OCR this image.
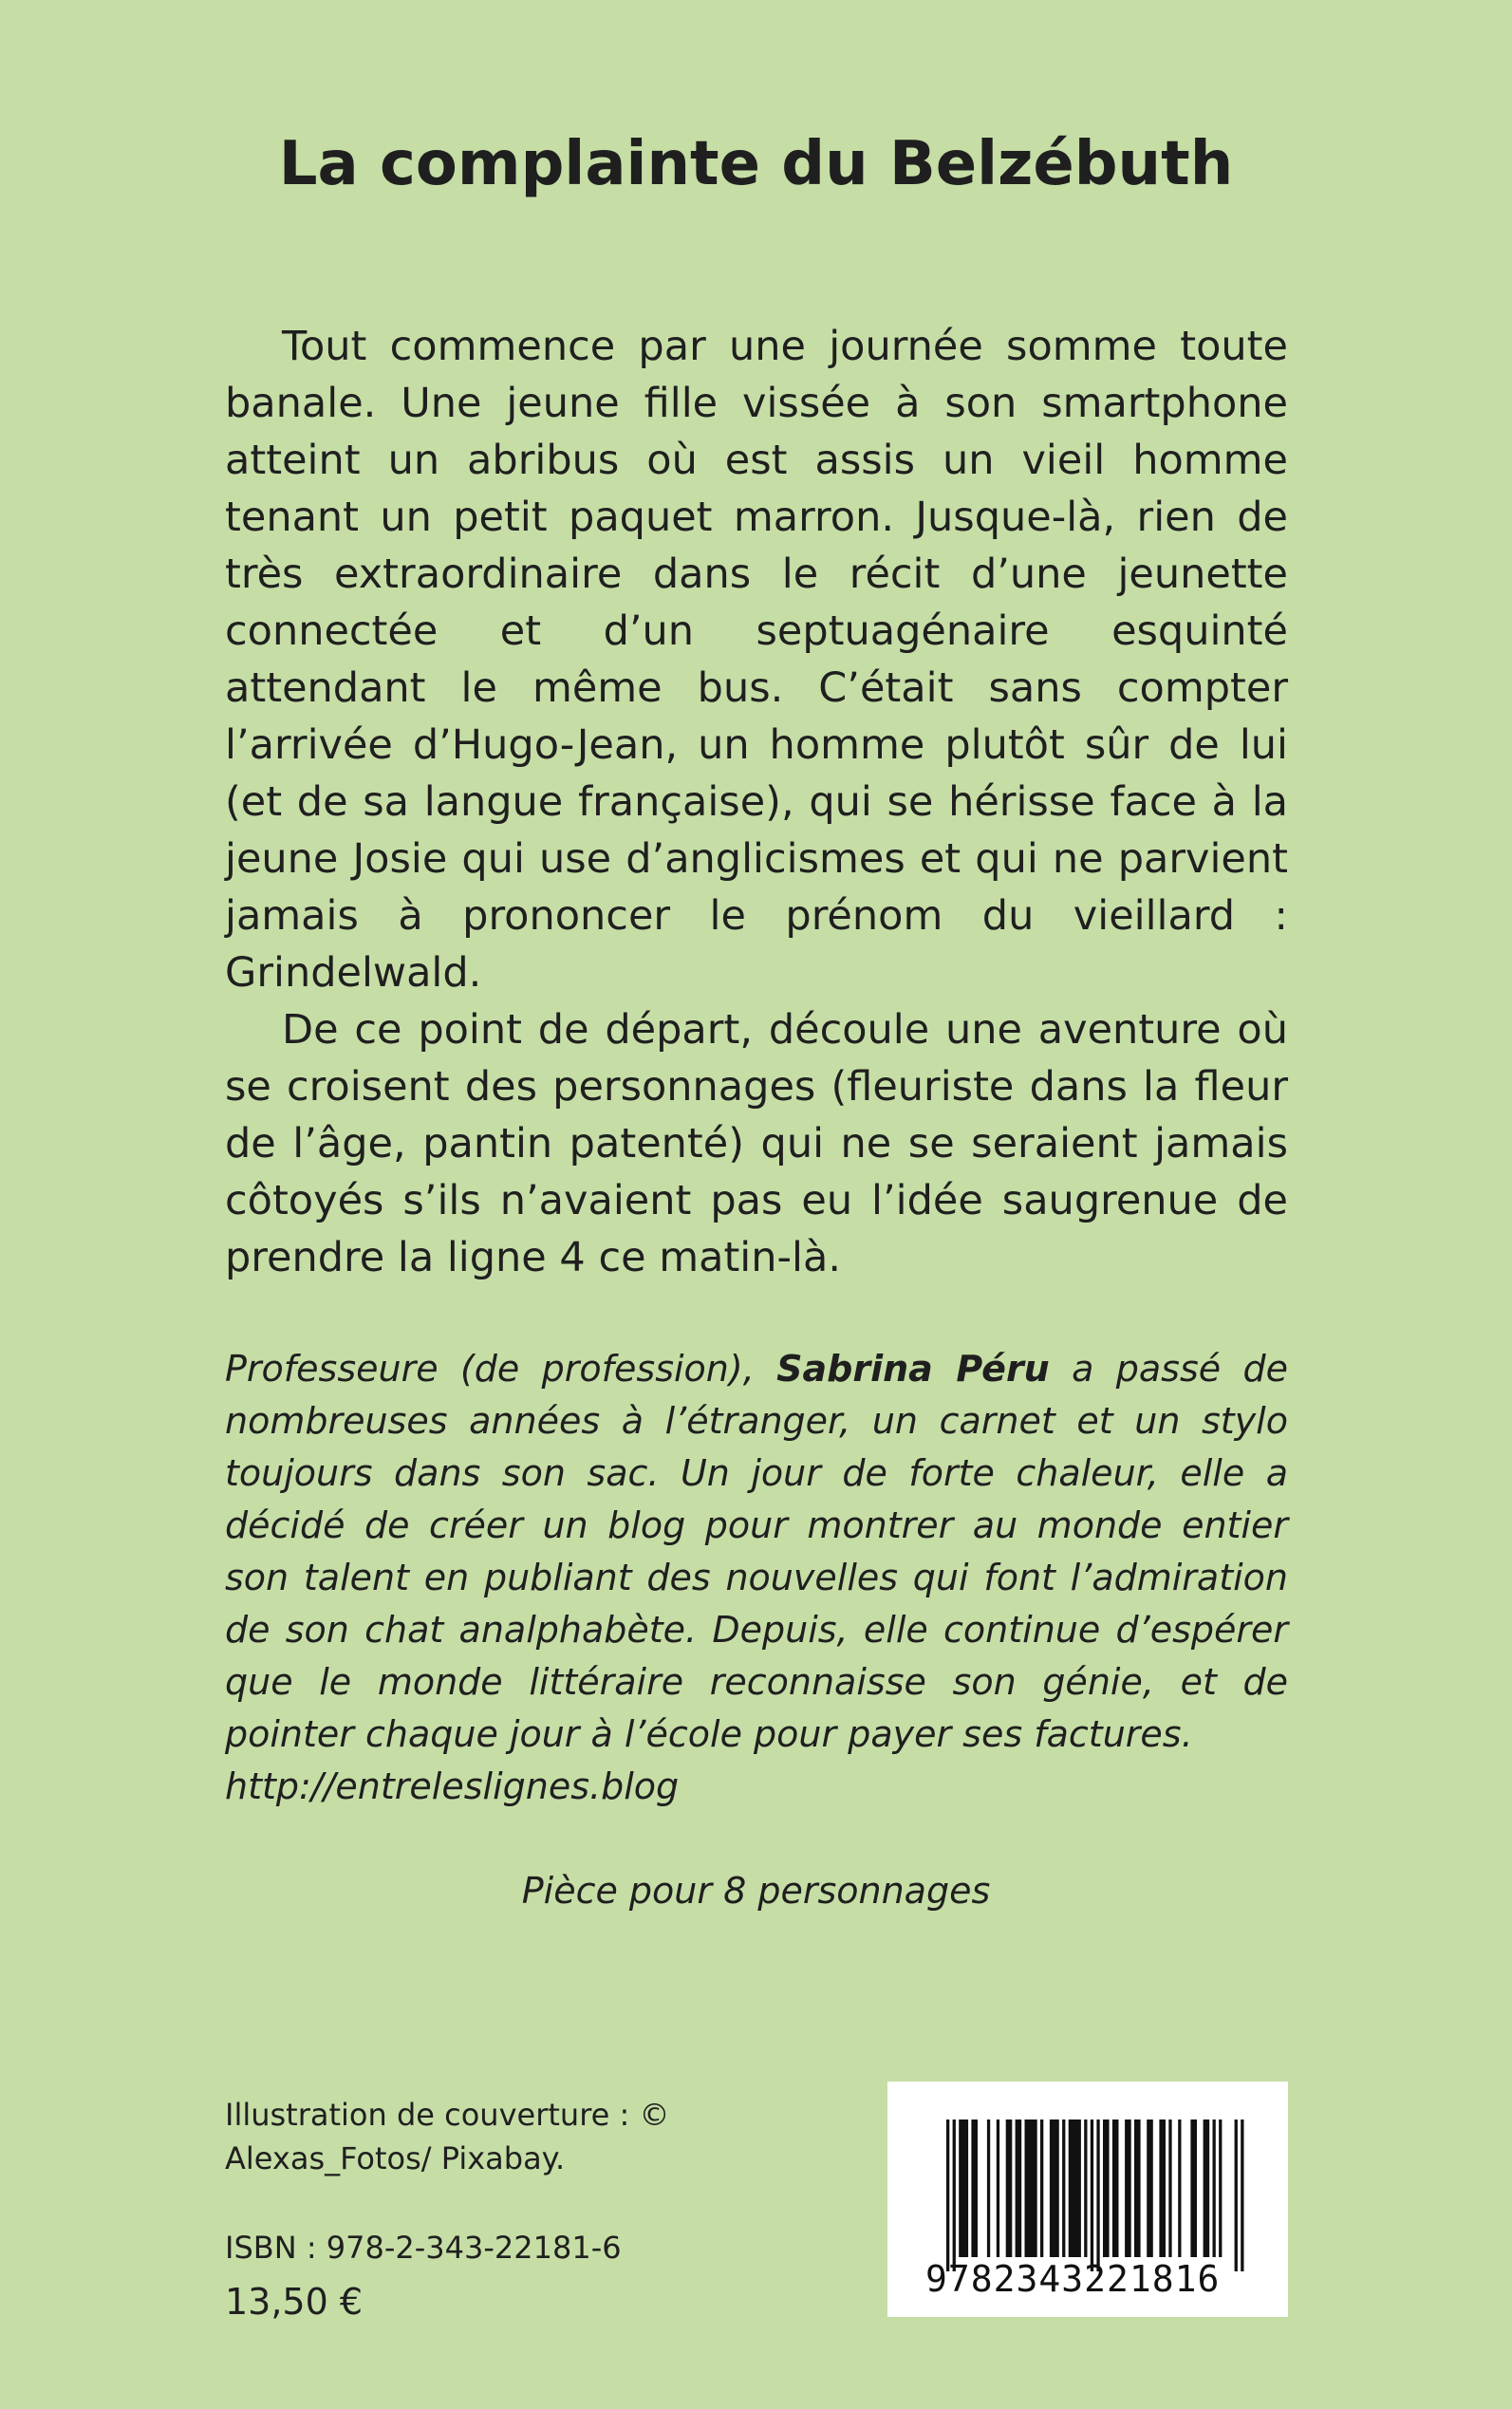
La complainte du Belzébuth

Tout commence par une journée somme toute banale. Une jeune fille vissée à son smartphone atteint un abribus où est assis un vieil homme tenant un petit paquet marron. Jusque-là, rien de très extraordinaire dans le récit d’une jeunette connectée et d’un septuagénaire esquinté attendant le même bus. C’était sans compter l’arrivée d’Hugo-Jean, un homme plutôt sûr de lui (et de sa langue française), qui se hérisse face à la jeune Josie qui use d’anglicismes et qui ne parvient jamais à prononcer le prénom du vieillard : Grindelwald.

De ce point de départ, découle une aventure où se croisent des personnages (fleuriste dans la fleur de l’âge, pantin patenté) qui ne se seraient jamais côtoyés s’ils n’avaient pas eu l’idée saugrenue de prendre la ligne 4 ce matin-là.

Professeure (de profession), Sabrina Péru a passé de nombreuses années à l’étranger, un carnet et un stylo toujours dans son sac. Un jour de forte chaleur, elle a décidé de créer un blog pour montrer au monde entier son talent en publiant des nouvelles qui font l’admiration de son chat analphabète. Depuis, elle continue d’espérer que le monde littéraire reconnaisse son génie, et de pointer chaque jour à l’école pour payer ses factures.
http://entreleslignes.blog
Pièce pour 8 personnages
Illustration de couverture : © Alexas_Fotos/ Pixabay.
ISBN : 978-2-343-22181-6
13,50 €
9782343221816
